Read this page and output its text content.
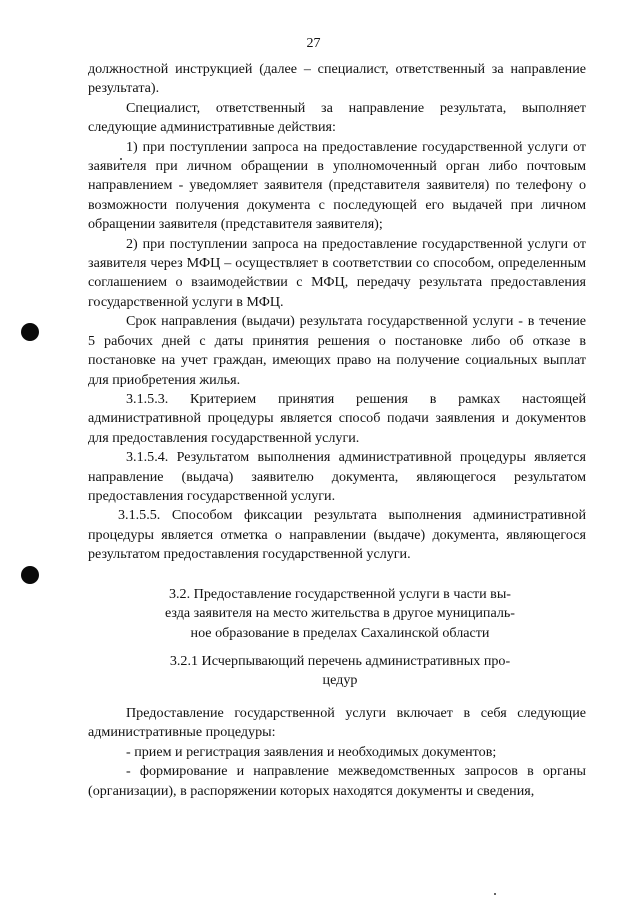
27

должностной инструкцией (далее – специалист, ответственный за направление результата).

Специалист, ответственный за направление результата, выполняет следующие административные действия:

1) при поступлении запроса на предоставление государственной услуги от заявителя при личном обращении в уполномоченный орган либо почтовым направлением - уведомляет заявителя (представителя заявителя) по телефону о возможности получения документа с последующей его выдачей при личном обращении заявителя (представителя заявителя);

2) при поступлении запроса на предоставление государственной услуги от заявителя через МФЦ – осуществляет в соответствии со способом, определенным соглашением о взаимодействии с МФЦ, передачу результата предоставления государственной услуги в МФЦ.

Срок направления (выдачи) результата государственной услуги - в течение 5 рабочих дней с даты принятия решения о постановке либо об отказе в постановке на учет граждан, имеющих право на получение социальных выплат для приобретения жилья.

3.1.5.3. Критерием принятия решения в рамках настоящей административной процедуры является способ подачи заявления и документов для предоставления государственной услуги.

3.1.5.4. Результатом выполнения административной процедуры является направление (выдача) заявителю документа, являющегося результатом предоставления государственной услуги.

3.1.5.5. Способом фиксации результата выполнения административной процедуры является отметка о направлении (выдаче) документа, являющегося результатом предоставления государственной услуги.

3.2. Предоставление государственной услуги в части вы-

езда заявителя на место жительства в другое муниципаль-

ное образование в пределах Сахалинской области

3.2.1 Исчерпывающий перечень административных про-

цедур

Предоставление государственной услуги включает в себя следующие административные процедуры:

- прием и регистрация заявления и необходимых документов;

- формирование и направление межведомственных запросов в органы (организации), в распоряжении которых находятся документы и сведения,
